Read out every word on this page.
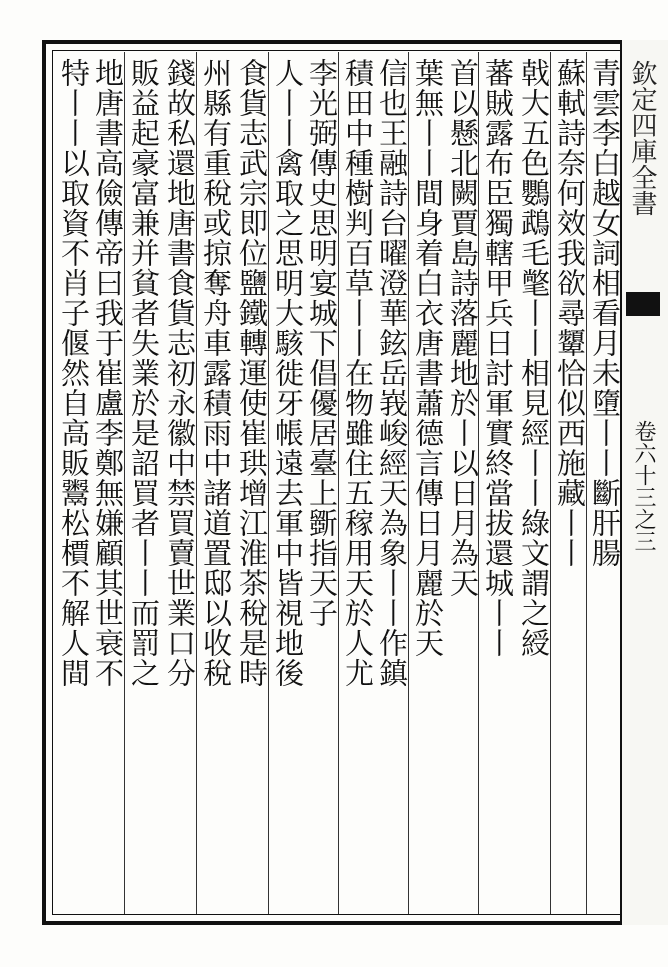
欽定四庫全書
卷六十三之三
青雲李白越女詞相看月未墮丨丨斷肝腸
蘇軾詩奈何效我欲尋顰恰似西施藏丨丨
戟大五色鸚鵡毛氅丨丨相見經丨丨綠文謂之綬
蕃賊露布臣獨轄甲兵日討軍實終當拔還城丨丨
首以懸北闕賈島詩落麗地於丨以日月為天
葉無丨丨間身着白衣唐書蕭德言傳日月麗於天
信也王融詩台曜澄華鉉岳峩峻經天為象丨丨作鎮
積田中種樹判百草丨丨在物雖住五稼用天於人尤
李光弼傳史思明宴城下倡優居臺上斵指天子
人丨丨禽取之思明大駭徙牙帳遠去軍中皆視地後
食貨志武宗即位鹽鐵轉運使崔珙增江淮茶稅是時
州縣有重稅或掠奪舟車露積雨中諸道置邸以收稅
錢故私還地唐書食貨志初永徽中禁買賣世業口分
販益起豪富兼并貧者失業於是詔買者丨丨而罰之
地唐書高儉傳帝曰我于崔盧李鄭無嫌顧其世衰不
特丨丨以取資不肖子偃然自高販鬻松檟不解人間
